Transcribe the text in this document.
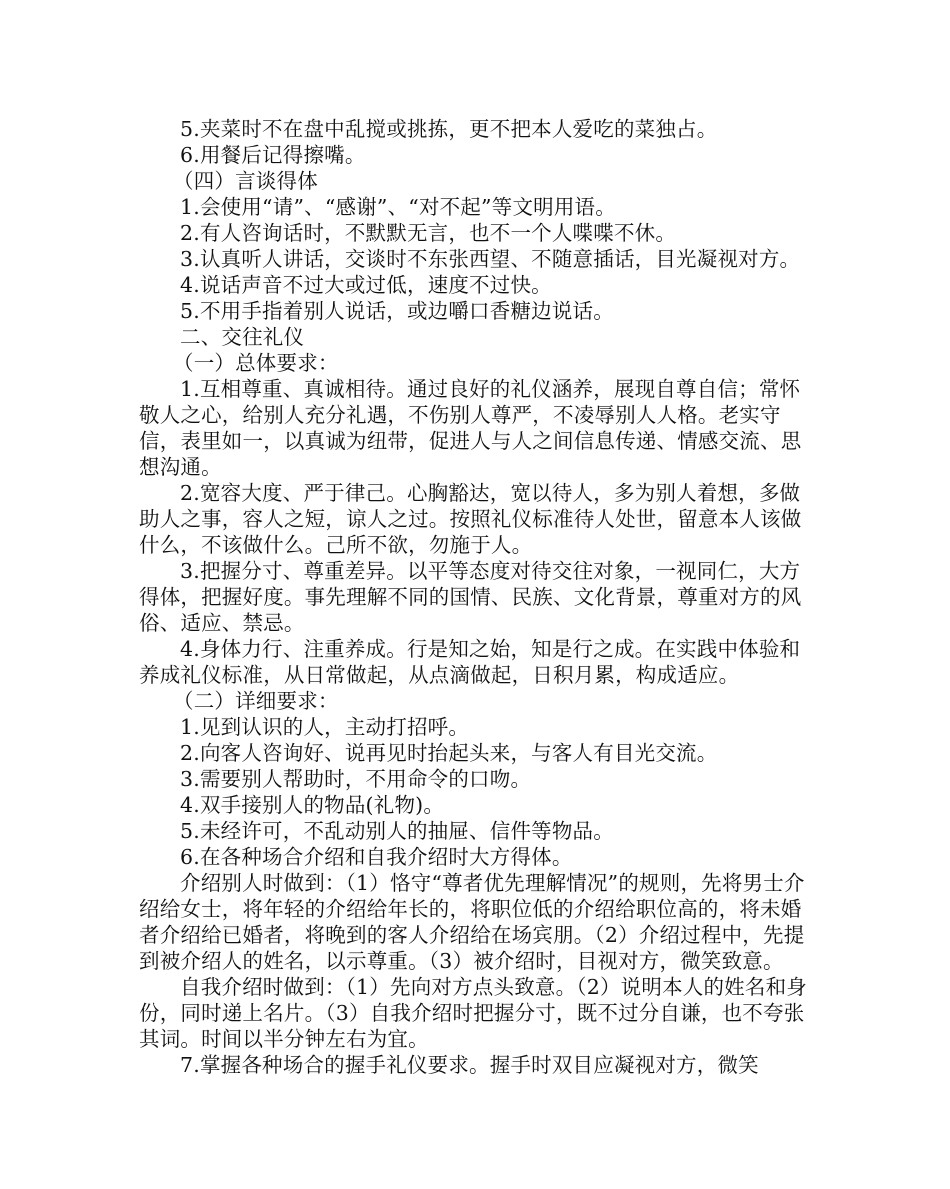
5.夹菜时不在盘中乱搅或挑拣，更不把本人爱吃的菜独占。

6.用餐后记得擦嘴。

（四）言谈得体

1.会使用“请”、“感谢”、“对不起”等文明用语。

2.有人咨询话时，不默默无言，也不一个人喋喋不休。

3.认真听人讲话，交谈时不东张西望、不随意插话，目光凝视对方。

4.说话声音不过大或过低，速度不过快。

5.不用手指着别人说话，或边嚼口香糖边说话。

二、交往礼仪

（一）总体要求：

1.互相尊重、真诚相待。通过良好的礼仪涵养，展现自尊自信；常怀敬人之心，给别人充分礼遇，不伤别人尊严，不凌辱别人人格。老实守信，表里如一，以真诚为纽带，促进人与人之间信息传递、情感交流、思想沟通。

2.宽容大度、严于律己。心胸豁达，宽以待人，多为别人着想，多做助人之事，容人之短，谅人之过。按照礼仪标准待人处世，留意本人该做什么，不该做什么。己所不欲，勿施于人。

3.把握分寸、尊重差异。以平等态度对待交往对象，一视同仁，大方得体，把握好度。事先理解不同的国情、民族、文化背景，尊重对方的风俗、适应、禁忌。

4.身体力行、注重养成。行是知之始，知是行之成。在实践中体验和养成礼仪标准，从日常做起，从点滴做起，日积月累，构成适应。

（二）详细要求：

1.见到认识的人，主动打招呼。

2.向客人咨询好、说再见时抬起头来，与客人有目光交流。

3.需要别人帮助时，不用命令的口吻。

4.双手接别人的物品(礼物)。

5.未经许可，不乱动别人的抽屉、信件等物品。

6.在各种场合介绍和自我介绍时大方得体。

介绍别人时做到：（1）恪守“尊者优先理解情况”的规则，先将男士介绍给女士，将年轻的介绍给年长的，将职位低的介绍给职位高的，将未婚者介绍给已婚者，将晚到的客人介绍给在场宾朋。（2）介绍过程中，先提到被介绍人的姓名，以示尊重。（3）被介绍时，目视对方，微笑致意。

自我介绍时做到：（1）先向对方点头致意。（2）说明本人的姓名和身份，同时递上名片。（3）自我介绍时把握分寸，既不过分自谦，也不夸张其词。时间以半分钟左右为宜。

7.掌握各种场合的握手礼仪要求。握手时双目应凝视对方，微笑
